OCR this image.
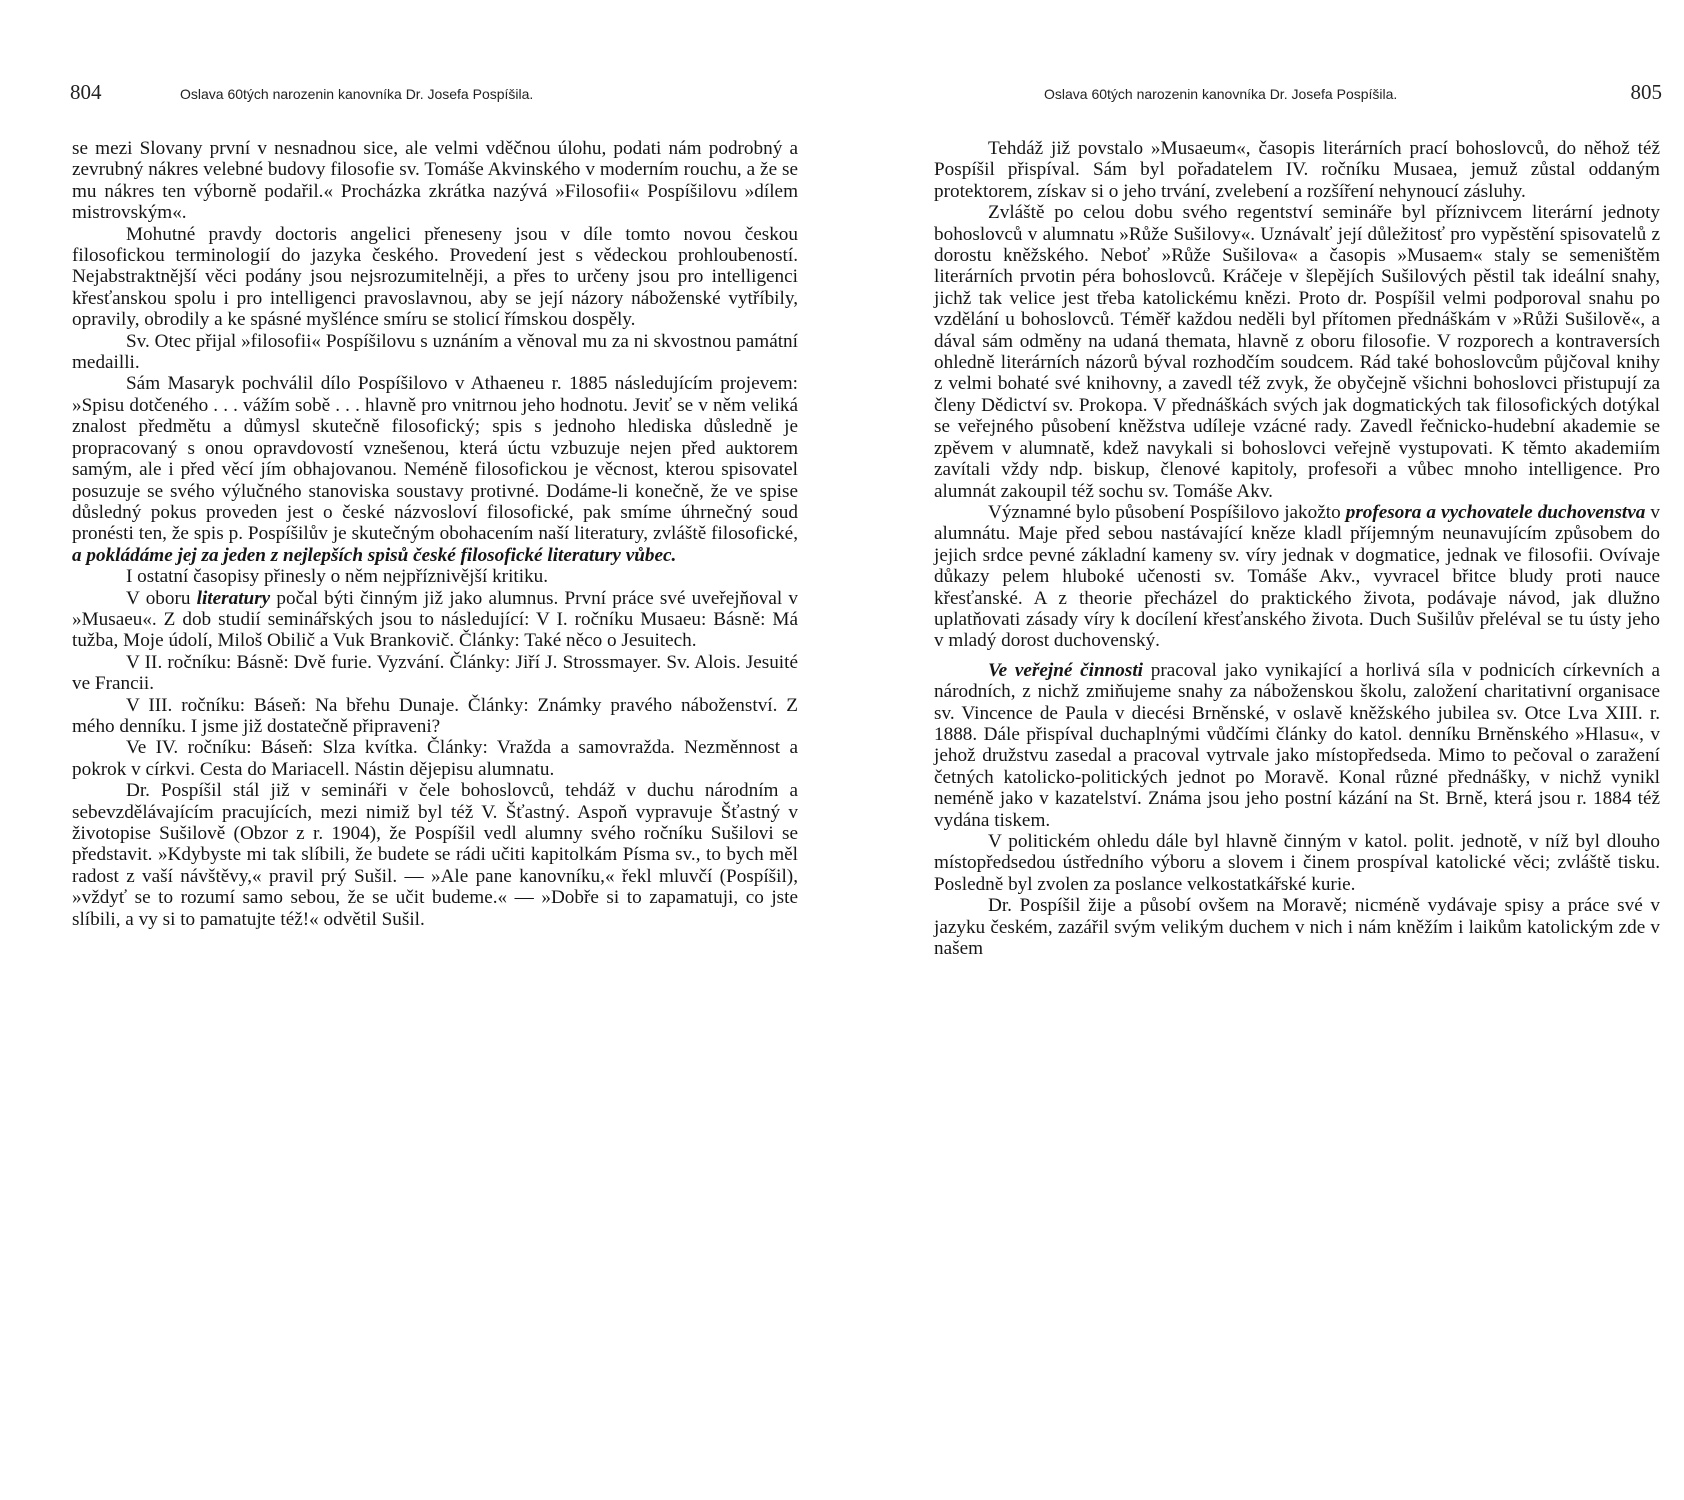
804	Oslava 60tých narozenin kanovníka Dr. Josefa Pospíšila.

se mezi Slovany první v nesnadnou sice, ale velmi vděčnou úlohu, podati nám podrobný a zevrubný nákres velebné budovy filosofie sv. Tomáše Akvinského v moderním rouchu, a že se mu nákres ten výborně podařil.« Procházka zkrátka nazývá »Filosofii« Pospíšilovu »dílem mistrovským«.

Mohutné pravdy doctoris angelici přeneseny jsou v díle tomto novou českou filosofickou terminologií do jazyka českého. Provedení jest s vědeckou prohloubeností. Nejabstraktnější věci podány jsou nejsrozumitelněji, a přes to určeny jsou pro intelligenci křesťanskou spolu i pro intelligenci pravoslavnou, aby se její názory náboženské vytříbily, opravily, obrodily a ke spásné myšlénce smíru se stolicí římskou dospěly.

Sv. Otec přijal »filosofii« Pospíšilovu s uznáním a věnoval mu za ni skvostnou památní medailli.

Sám Masaryk pochválil dílo Pospíšilovo v Athaeneu r. 1885 následujícím projevem: »Spisu dotčeného . . . vážím sobě . . . hlavně pro vnitrnou jeho hodnotu. Jeviť se v něm veliká znalost předmětu a důmysl skutečně filosofický; spis s jednoho hlediska důsledně je propracovaný s onou opravdovostí vznešenou, která úctu vzbuzuje nejen před auktorem samým, ale i před věcí jím obhajovanou. Neméně filosofickou je věcnost, kterou spisovatel posuzuje se svého výlučného stanoviska soustavy protivné. Dodáme-li konečně, že ve spise důsledný pokus proveden jest o české názvosloví filosofické, pak smíme úhrnečný soud pronésti ten, že spis p. Pospíšilův je skutečným obohacením naší literatury, zvláště filosofické, a pokládáme jej za jeden z nejlepších spisů české filosofické literatury vůbec.

I ostatní časopisy přinesly o něm nejpříznivější kritiku.

V oboru literatury počal býti činným již jako alumnus. První práce své uveřejňoval v »Musaeu«. Z dob studií seminářských jsou to následující: V I. ročníku Musaeu: Básně: Má tužba, Moje údolí, Miloš Obilič a Vuk Brankovič. Články: Také něco o Jesuitech.

V II. ročníku: Básně: Dvě furie. Vyzvání. Články: Jiří J. Strossmayer. Sv. Alois. Jesuité ve Francii.

V III. ročníku: Báseň: Na břehu Dunaje. Články: Známky pravého náboženství. Z mého denníku. I jsme již dostatečně připraveni?

Ve IV. ročníku: Báseň: Slza kvítka. Články: Vražda a samovražda. Nezměnnost a pokrok v církvi. Cesta do Mariacell. Nástin dějepisu alumnatu.

Dr. Pospíšil stál již v semináři v čele bohoslovců, tehdáž v duchu národním a sebevzdělávajícím pracujících, mezi nimiž byl též V. Šťastný. Aspoň vypravuje Šťastný v životopise Sušilově (Obzor z r. 1904), že Pospíšil vedl alumny svého ročníku Sušilovi se představit. »Kdybyste mi tak slíbili, že budete se rádi učiti kapitolkám Písma sv., to bych měl radost z vaší návštěvy,« pravil prý Sušil. — »Ale pane kanovníku,« řekl mluvčí (Pospíšil), »vždyť se to rozumí samo sebou, že se učit budeme.« — »Dobře si to zapamatuji, co jste slíbili, a vy si to pamatujte též!« odvětil Sušil.

Oslava 60tých narozenin kanovníka Dr. Josefa Pospíšila.	805

Tehdáž již povstalo »Musaeum«, časopis literárních prací bohoslovců, do něhož též Pospíšil přispíval. Sám byl pořadatelem IV. ročníku Musaea, jemuž zůstal oddaným protektorem, získav si o jeho trvání, zvelebení a rozšíření nehynoucí zásluhy.

Zvláště po celou dobu svého regentství semináře byl příznivcem literární jednoty bohoslovců v alumnatu »Růže Sušilovy«. Uznávalť její důležitosť pro vypěstění spisovatelů z dorostu kněžského. Neboť »Růže Sušilova« a časopis »Musaem« staly se semeništěm literárních prvotin péra bohoslovců. Kráčeje v šlepějích Sušilových pěstil tak ideální snahy, jichž tak velice jest třeba katolickému knězi. Proto dr. Pospíšil velmi podporoval snahu po vzdělání u bohoslovců. Téměř každou neděli byl přítomen přednáškám v »Růži Sušilově«, a dával sám odměny na udaná themata, hlavně z oboru filosofie. V rozporech a kontraversích ohledně literárních názorů býval rozhodčím soudcem. Rád také bohoslovcům půjčoval knihy z velmi bohaté své knihovny, a zavedl též zvyk, že obyčejně všichni bohoslovci přistupují za členy Dědictví sv. Prokopa. V přednáškách svých jak dogmatických tak filosofických dotýkal se veřejného působení kněžstva udíleje vzácné rady. Zavedl řečnicko-hudební akademie se zpěvem v alumnatě, kdež navykali si bohoslovci veřejně vystupovati. K těmto akademiím zavítali vždy ndp. biskup, členové kapitoly, profesoři a vůbec mnoho intelligence. Pro alumnát zakoupil též sochu sv. Tomáše Akv.

Významné bylo působení Pospíšilovo jakožto profesora a vychovatele duchovenstva v alumnátu. Maje před sebou nastávající kněze kladl příjemným neunavujícím způsobem do jejich srdce pevné základní kameny sv. víry jednak v dogmatice, jednak ve filosofii. Ovívaje důkazy pelem hluboké učenosti sv. Tomáše Akv., vyvracel břitce bludy proti nauce křesťanské. A z theorie přecházel do praktického života, podávaje návod, jak dlužno uplatňovati zásady víry k docílení křesťanského života. Duch Sušilův přeléval se tu ústy jeho v mladý dorost duchovenský.

Ve veřejné činnosti pracoval jako vynikající a horlivá síla v podnicích církevních a národních, z nichž zmiňujeme snahy za náboženskou školu, založení charitativní organisace sv. Vincence de Paula v diecési Brněnské, v oslavě kněžského jubilea sv. Otce Lva XIII. r. 1888. Dále přispíval duchaplnými vůdčími články do katol. denníku Brněnského »Hlasu«, v jehož družstvu zasedal a pracoval vytrvale jako místopředseda. Mimo to pečoval o zaražení četných katolicko-politických jednot po Moravě. Konal různé přednášky, v nichž vynikl neméně jako v kazatelství. Známa jsou jeho postní kázání na St. Brně, která jsou r. 1884 též vydána tiskem.

V politickém ohledu dále byl hlavně činným v katol. polit. jednotě, v níž byl dlouho místopředsedou ústředního výboru a slovem i činem prospíval katolické věci; zvláště tisku. Posledně byl zvolen za poslance velkostatkářské kurie.

Dr. Pospíšil žije a působí ovšem na Moravě; nicméně vydávaje spisy a práce své v jazyku českém, zazářil svým velikým duchem v nich i nám kněžím i laikům katolickým zde v našem
